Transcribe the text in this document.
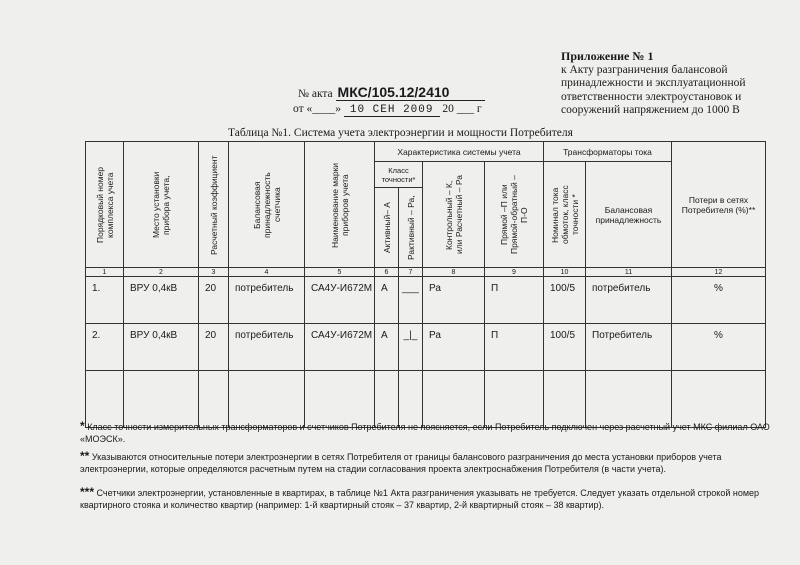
Приложение № 1
к Акту разграничения балансовой
принадлежности и эксплуатационной
ответственности электроустановок и
сооружений напряжением до 1000 В
№ акта МКС/105.12/2410
от «____» 10 СЕН 2009 20 ___ г
Таблица №1. Система учета электроэнергии и мощности Потребителя
Порядковый номер комплекса учета	Место установки прибора учета,	Расчетный коэффициент	Балансовая принадлежность счетчика	Наименование марки приборов учета	Характеристика системы учета				Трансформаторы тока		Потери в сетях Потребителя (%)**
					Класс точности*		Контрольный – К, или Расчетный – Ра	Прямой –П или Прямой-обратный – П-О	Номинал тока обмоток, класс точности *	Балансовая принадлежность	

					Активный– А	Рактивный – Ра,					

1	2	3	4	5	6	7	8	9	10	11	12
1.	ВРУ 0,4кВ	20	потребитель	СА4У-И672М	А	___	Ра	П	100/5	потребитель	%
2.	ВРУ 0,4кВ	20	потребитель	СА4У-И672М	А	_|_	Ра	П	100/5	Потребитель	%

* Класс точности измерительных трансформаторов и счетчиков Потребителя не поясняется, если Потребитель подключен через расчетный учет МКС филиал ОАО «МОЭСК».
** Указываются относительные потери электроэнергии в сетях Потребителя от границы балансового разграничения до места установки приборов учета электроэнергии, которые определяются расчетным путем на стадии согласования проекта электроснабжения Потребителя (в части учета).
*** Счетчики электроэнергии, установленные в квартирах, в таблице №1 Акта разграничения указывать не требуется. Следует указать отдельной строкой номер квартирного стояка и количество квартир (например: 1-й квартирный стояк – 37 квартир, 2-й квартирный стояк – 38 квартир).
